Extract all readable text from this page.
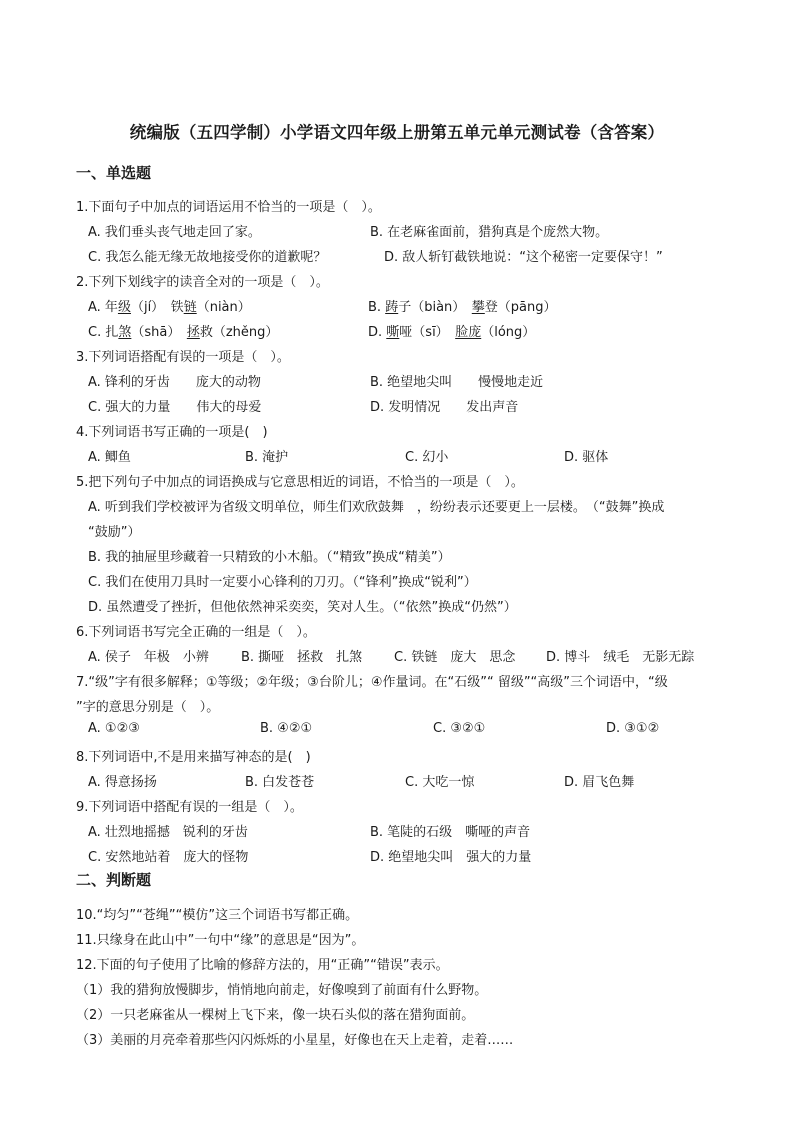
统编版（五四学制）小学语文四年级上册第五单元单元测试卷（含答案）
一、单选题
1.下面句子中加点的词语运用不恰当的一项是（　）。
A. 我们垂头丧气地走回了家。	B. 在老麻雀面前，猎狗真是个庞然大物。
C. 我怎么能无缘无故地接受你的道歉呢？	D. 敌人斩钉截铁地说：“这个秘密一定要保守！”
2.下列下划线字的读音全对的一项是（　）。
A. 年级（jí）　铁链（niàn）	B. 踌子（biàn）　攀登（pāng）
C. 扎煞（shā）　拯救（zhěng）	D. 嘶哑（sī）　脸庞（lóng）
3.下列词语搭配有误的一项是（　）。
A. 锋利的牙齿　　庞大的动物	B. 绝望地尖叫　　慢慢地走近
C. 强大的力量　　伟大的母爱	D. 发明情况　　发出声音
4.下列词语书写正确的一项是(　)
A. 鲫鱼	B. 淹护	C. 幻小	D. 驱体
5.把下列句子中加点的词语换成与它意思相近的词语，不恰当的一项是（　）。
A. 听到我们学校被评为省级文明单位，师生们欢欣鼓舞　，纷纷表示还要更上一层楼。　（“鼓舞”换成
“鼓励”）
B. 我的抽屉里珍藏着一只精致的小木船。（“精致”换成“精美”）
C. 我们在使用刀具时一定要小心锋利的刀刃。（“锋利”换成“锐利”）
D. 虽然遭受了挫折，但他依然神采奕奕，笑对人生。（“依然”换成“仍然”）
6.下列词语书写完全正确的一组是（　）。
A. 侯子　年极　小辨 B. 撕哑　拯救　扎煞 C. 铁链　庞大　思念 D. 博斗　绒毛　无影无踪
7.“级”字有很多解释；①等级；②年级；③台阶儿；④作量词。在“石级”“ 留级”“高级”三个词语中，“级
”字的意思分别是（　）。
A. ①②③	B. ④②①	C. ③②①	D. ③①②
8.下列词语中,不是用来描写神态的是(　)
A. 得意扬扬	B. 白发苍苍	C. 大吃一惊	D. 眉飞色舞
9.下列词语中搭配有误的一组是（　）。
A. 壮烈地摇撼　锐利的牙齿	B. 笔陡的石级　嘶哑的声音
C. 安然地站着　庞大的怪物	D. 绝望地尖叫　强大的力量
二、判断题
10.“均匀”“苍绳”“模仿”这三个词语书写都正确。
11.只缘身在此山中”一句中“缘”的意思是“因为”。
12.下面的句子使用了比喻的修辞方法的，用“正确”“错误”表示。
（1）我的猎狗放慢脚步，悄悄地向前走，好像嗅到了前面有什么野物。
（2）一只老麻雀从一棵树上飞下来，像一块石头似的落在猎狗面前。
（3）美丽的月亮牵着那些闪闪烁烁的小星星，好像也在天上走着，走着……
